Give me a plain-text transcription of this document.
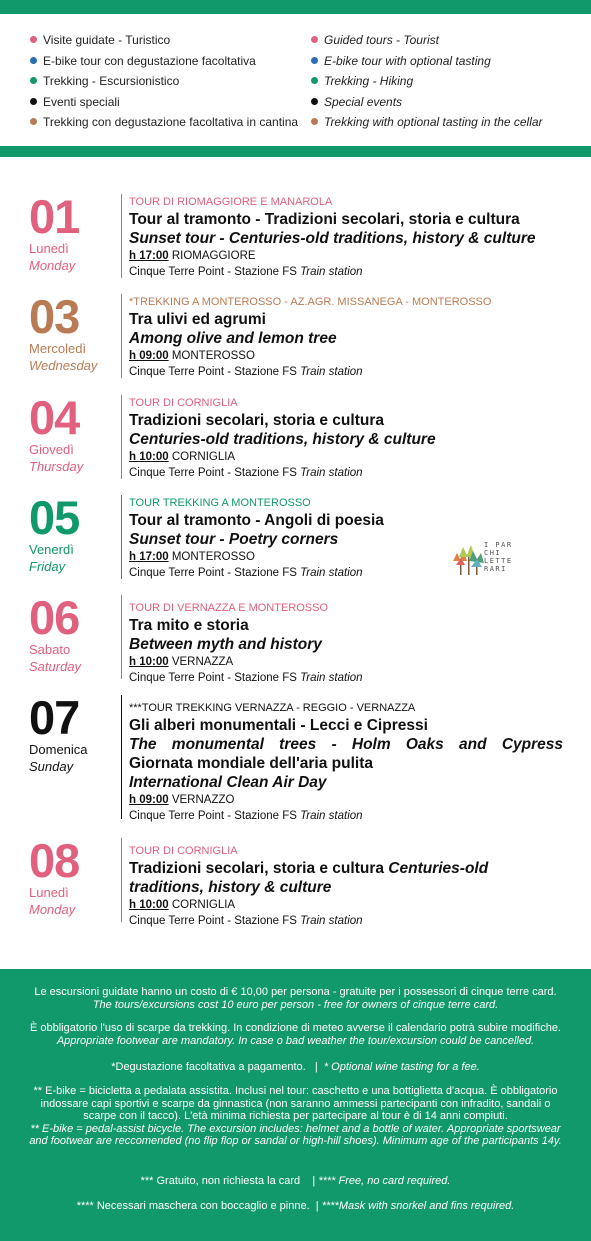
Visite guidate - Turistico
E-bike tour con degustazione facoltativa
Trekking - Escursionistico
Eventi speciali
Trekking con degustazione facoltativa in cantina
Guided tours - Tourist
E-bike tour with optional tasting
Trekking - Hiking
Special events
Trekking with optional tasting in the cellar
01
Lunedì
Monday
TOUR DI RIOMAGGIORE E MANAROLA
Tour al tramonto - Tradizioni secolari, storia e cultura
Sunset tour - Centuries-old traditions, history & culture
h 17:00 RIOMAGGIORE
Cinque Terre Point - Stazione FS Train station
03
Mercoledì
Wednesday
*TREKKING A MONTEROSSO - AZ.AGR. MISSANEGA - MONTEROSSO
Tra ulivi ed agrumi
Among olive and lemon tree
h 09:00 MONTEROSSO
Cinque Terre Point - Stazione FS Train station
04
Giovedì
Thursday
TOUR DI CORNIGLIA
Tradizioni secolari, storia e cultura
Centuries-old traditions, history & culture
h 10:00 CORNIGLIA
Cinque Terre Point - Stazione FS Train station
05
Venerdì
Friday
TOUR TREKKING A MONTEROSSO
Tour al tramonto - Angoli di poesia
Sunset tour - Poetry corners
h 17:00 MONTEROSSO
Cinque Terre Point - Stazione FS Train station
I PAR
CHI
LETTE
RARI
06
Sabato
Saturday
TOUR DI VERNAZZA E MONTEROSSO
Tra mito e storia
Between myth and history
h 10:00 VERNAZZA
Cinque Terre Point - Stazione FS Train station
07
Domenica
Sunday
***TOUR TREKKING VERNAZZA - REGGIO - VERNAZZA
Gli alberi monumentali - Lecci e Cipressi
The monumental trees - Holm Oaks and Cypress
Giornata mondiale dell'aria pulita
International Clean Air Day
h 09:00 VERNAZZO
Cinque Terre Point - Stazione FS Train station
08
Lunedì
Monday
TOUR DI CORNIGLIA
Tradizioni secolari, storia e cultura Centuries-old traditions, history & culture
h 10:00 CORNIGLIA
Cinque Terre Point - Stazione FS Train station
Le escursioni guidate hanno un costo di € 10,00 per persona - gratuite per i possessori di cinque terre card.
The tours/excursions cost 10 euro per person - free for owners of cinque terre card.
È obbligatorio l'uso di scarpe da trekking. In condizione di meteo avverse il calendario potrà subire modifiche.
Appropriate footwear are mandatory. In case o bad weather the tour/excursion could be cancelled.
*Degustazione facoltativa a pagamento. | * Optional wine tasting for a fee.
** E-bike = bicicletta a pedalata assistita. Inclusi nel tour: caschetto e una bottiglietta d'acqua. È obbligatorio indossare capi sportivi e scarpe da ginnastica (non saranno ammessi partecipanti con infradito, sandali o scarpe con il tacco). L'età minima richiesta per partecipare al tour è di 14 anni compiuti.
** E-bike = pedal-assist bicycle. The excursion includes: helmet and a bottle of water. Appropriate sportswear and footwear are reccomended (no flip flop or sandal or high-hill shoes). Minimum age of the participants 14y.
*** Gratuito, non richiesta la card | **** Free, no card required.
**** Necessari maschera con boccaglio e pinne. | ****Mask with snorkel and fins required.
